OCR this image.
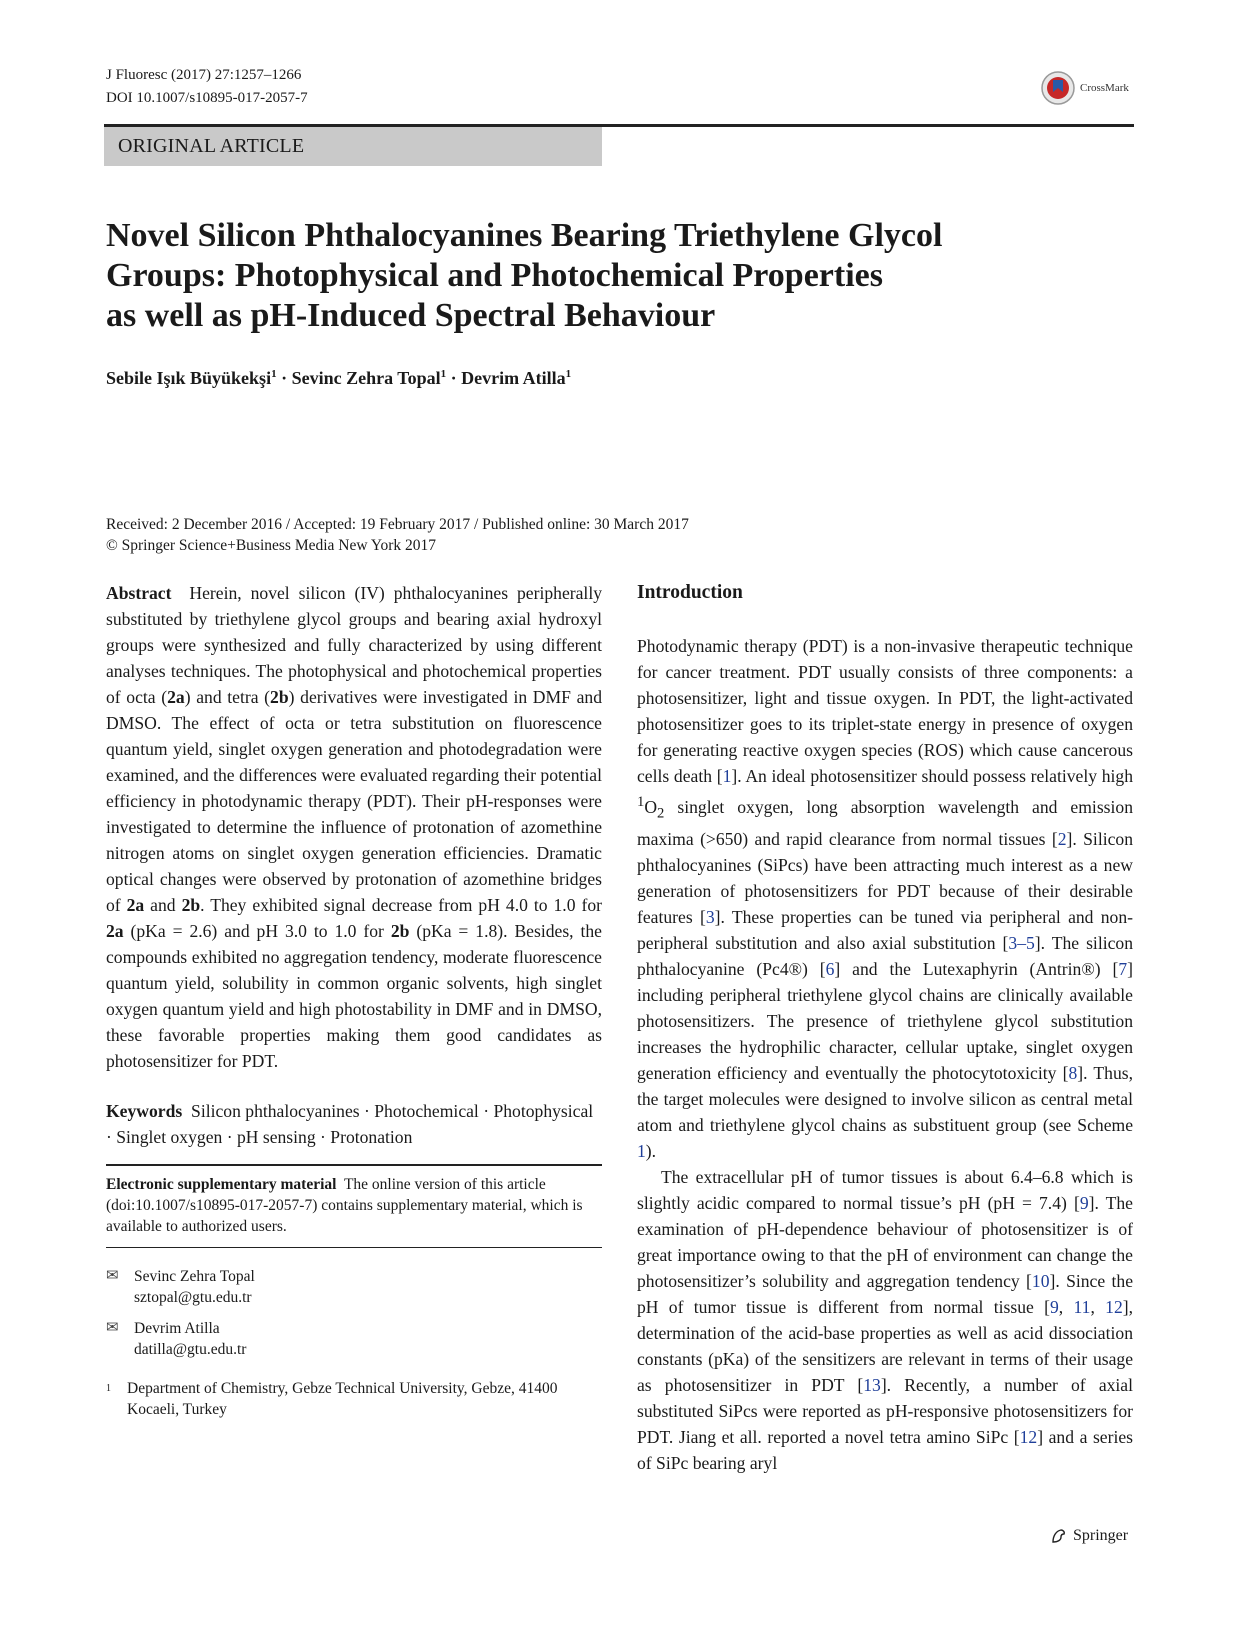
J Fluoresc (2017) 27:1257–1266
DOI 10.1007/s10895-017-2057-7
CrossMark
ORIGINAL ARTICLE
Novel Silicon Phthalocyanines Bearing Triethylene Glycol
Groups: Photophysical and Photochemical Properties
as well as pH-Induced Spectral Behaviour
Sebile Işık Büyükekşi$^1$ · Sevinc Zehra Topal$^1$ · Devrim Atilla$^1$
Received: 2 December 2016 / Accepted: 19 February 2017 / Published online: 30 March 2017
© Springer Science+Business Media New York 2017

Abstract Herein, novel silicon (IV) phthalocyanines peripherally substituted by triethylene glycol groups and bearing axial hydroxyl groups were synthesized and fully characterized by using different analyses techniques. The photophysical and photochemical properties of octa (2a) and tetra (2b) derivatives were investigated in DMF and DMSO. The effect of octa or tetra substitution on fluorescence quantum yield, singlet oxygen generation and photodegradation were examined, and the differences were evaluated regarding their potential efficiency in photodynamic therapy (PDT). Their pH-responses were investigated to determine the influence of protonation of azomethine nitrogen atoms on singlet oxygen generation efficiencies. Dramatic optical changes were observed by protonation of azomethine bridges of 2a and 2b. They exhibited signal decrease from pH 4.0 to 1.0 for 2a (pKa = 2.6) and pH 3.0 to 1.0 for 2b (pKa = 1.8). Besides, the compounds exhibited no aggregation tendency, moderate fluorescence quantum yield, solubility in common organic solvents, high singlet oxygen quantum yield and high photostability in DMF and in DMSO, these favorable properties making them good candidates as photosensitizer for PDT.

Keywords Silicon phthalocyanines · Photochemical · Photophysical · Singlet oxygen · pH sensing · Protonation

Electronic supplementary material The online version of this article (doi:10.1007/s10895-017-2057-7) contains supplementary material, which is available to authorized users.
✉ Sevinc Zehra Topal
sztopal@gtu.edu.tr
✉ Devrim Atilla
datilla@gtu.edu.tr
1 Department of Chemistry, Gebze Technical University, Gebze, 41400 Kocaeli, Turkey
Introduction

Photodynamic therapy (PDT) is a non-invasive therapeutic technique for cancer treatment. PDT usually consists of three components: a photosensitizer, light and tissue oxygen. In PDT, the light-activated photosensitizer goes to its triplet-state energy in presence of oxygen for generating reactive oxygen species (ROS) which cause cancerous cells death [1]. An ideal photosensitizer should possess relatively high $^1O_2$ singlet oxygen, long absorption wavelength and emission maxima (>650) and rapid clearance from normal tissues [2]. Silicon phthalocyanines (SiPcs) have been attracting much interest as a new generation of photosensitizers for PDT because of their desirable features [3]. These properties can be tuned via peripheral and non-peripheral substitution and also axial substitution [3–5]. The silicon phthalocyanine (Pc4®) [6] and the Lutexaphyrin (Antrin®) [7] including peripheral triethylene glycol chains are clinically available photosensitizers. The presence of triethylene glycol substitution increases the hydrophilic character, cellular uptake, singlet oxygen generation efficiency and eventually the photocytotoxicity [8]. Thus, the target molecules were designed to involve silicon as central metal atom and triethylene glycol chains as substituent group (see Scheme 1).

The extracellular pH of tumor tissues is about 6.4–6.8 which is slightly acidic compared to normal tissue’s pH (pH = 7.4) [9]. The examination of pH-dependence behaviour of photosensitizer is of great importance owing to that the pH of environment can change the photosensitizer’s solubility and aggregation tendency [10]. Since the pH of tumor tissue is different from normal tissue [9, 11, 12], determination of the acid-base properties as well as acid dissociation constants (pKa) of the sensitizers are relevant in terms of their usage as photosensitizer in PDT [13]. Recently, a number of axial substituted SiPcs were reported as pH-responsive photosensitizers for PDT. Jiang et all. reported a novel tetra amino SiPc [12] and a series of SiPc bearing aryl

Springer
